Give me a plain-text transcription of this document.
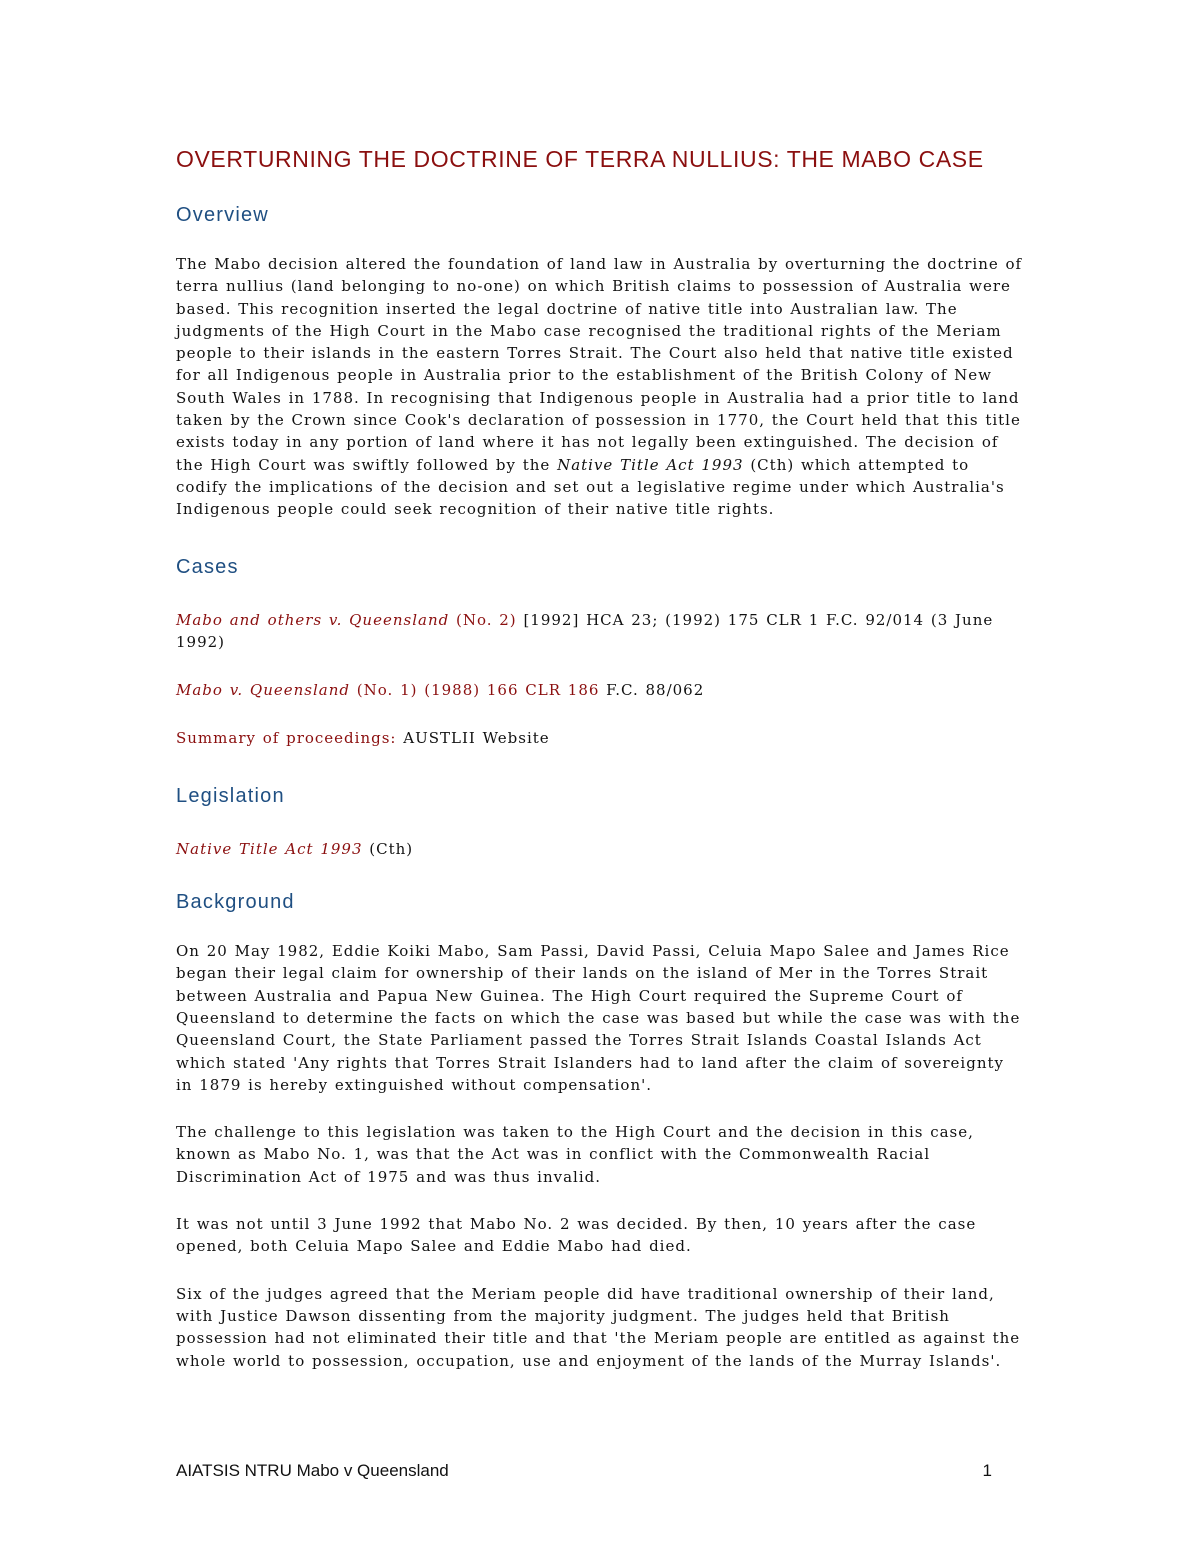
OVERTURNING THE DOCTRINE OF TERRA NULLIUS: THE MABO CASE
Overview

The Mabo decision altered the foundation of land law in Australia by overturning the doctrine of terra nullius (land belonging to no-one) on which British claims to possession of Australia were based. This recognition inserted the legal doctrine of native title into Australian law. The judgments of the High Court in the Mabo case recognised the traditional rights of the Meriam people to their islands in the eastern Torres Strait. The Court also held that native title existed for all Indigenous people in Australia prior to the establishment of the British Colony of New South Wales in 1788. In recognising that Indigenous people in Australia had a prior title to land taken by the Crown since Cook's declaration of possession in 1770, the Court held that this title exists today in any portion of land where it has not legally been extinguished. The decision of the High Court was swiftly followed by the Native Title Act 1993 (Cth) which attempted to codify the implications of the decision and set out a legislative regime under which Australia's Indigenous people could seek recognition of their native title rights.

Cases

Mabo and others v. Queensland (No. 2) [1992] HCA 23; (1992) 175 CLR 1 F.C. 92/014 (3 June 1992)

Mabo v. Queensland (No. 1) (1988) 166 CLR 186 F.C. 88/062

Summary of proceedings: AUSTLII Website

Legislation

Native Title Act 1993 (Cth)

Background

On 20 May 1982, Eddie Koiki Mabo, Sam Passi, David Passi, Celuia Mapo Salee and James Rice began their legal claim for ownership of their lands on the island of Mer in the Torres Strait between Australia and Papua New Guinea. The High Court required the Supreme Court of Queensland to determine the facts on which the case was based but while the case was with the Queensland Court, the State Parliament passed the Torres Strait Islands Coastal Islands Act which stated 'Any rights that Torres Strait Islanders had to land after the claim of sovereignty in 1879 is hereby extinguished without compensation'.

The challenge to this legislation was taken to the High Court and the decision in this case, known as Mabo No. 1, was that the Act was in conflict with the Commonwealth Racial Discrimination Act of 1975 and was thus invalid.

It was not until 3 June 1992 that Mabo No. 2 was decided. By then, 10 years after the case opened, both Celuia Mapo Salee and Eddie Mabo had died.

Six of the judges agreed that the Meriam people did have traditional ownership of their land, with Justice Dawson dissenting from the majority judgment. The judges held that British possession had not eliminated their title and that 'the Meriam people are entitled as against the whole world to possession, occupation, use and enjoyment of the lands of the Murray Islands'.

AIATSIS NTRU Mabo v Queensland	1
